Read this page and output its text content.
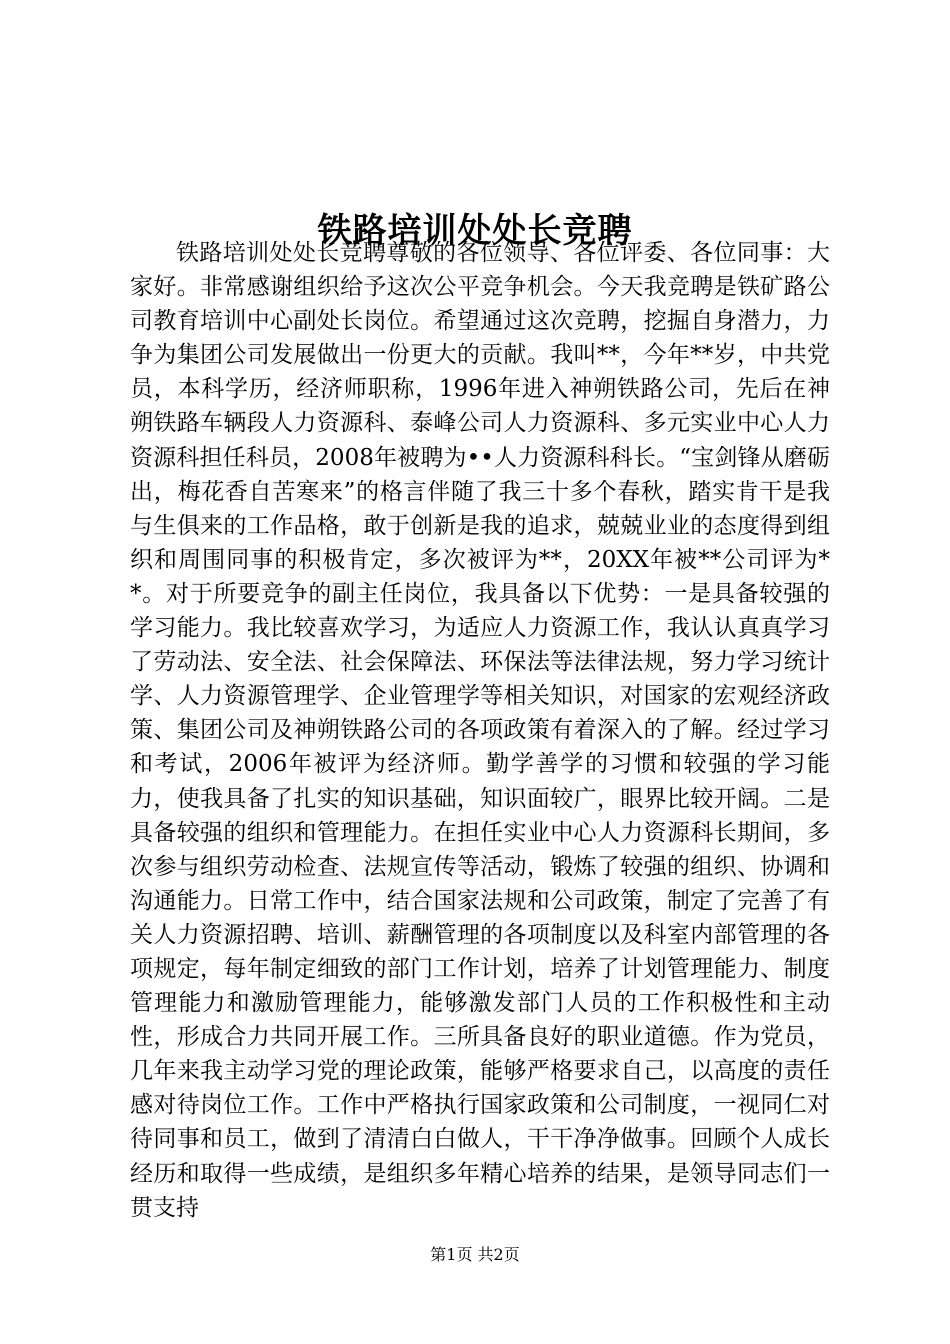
铁路培训处处长竞聘

铁路培训处处长竞聘尊敬的各位领导、各位评委、各位同事：大家好。非常感谢组织给予这次公平竞争机会。今天我竞聘是铁矿路公司教育培训中心副处长岗位。希望通过这次竞聘，挖掘自身潜力，力争为集团公司发展做出一份更大的贡献。我叫**，今年**岁，中共党员，本科学历，经济师职称，1996年进入神朔铁路公司，先后在神朔铁路车辆段人力资源科、泰峰公司人力资源科、多元实业中心人力资源科担任科员，2008年被聘为••人力资源科科长。“宝剑锋从磨砺出，梅花香自苦寒来”的格言伴随了我三十多个春秋，踏实肯干是我与生俱来的工作品格，敢于创新是我的追求，兢兢业业的态度得到组织和周围同事的积极肯定，多次被评为**，20XX年被**公司评为**。对于所要竞争的副主任岗位，我具备以下优势：一是具备较强的学习能力。我比较喜欢学习，为适应人力资源工作，我认认真真学习了劳动法、安全法、社会保障法、环保法等法律法规，努力学习统计学、人力资源管理学、企业管理学等相关知识，对国家的宏观经济政策、集团公司及神朔铁路公司的各项政策有着深入的了解。经过学习和考试，2006年被评为经济师。勤学善学的习惯和较强的学习能力，使我具备了扎实的知识基础，知识面较广，眼界比较开阔。二是具备较强的组织和管理能力。在担任实业中心人力资源科长期间，多次参与组织劳动检查、法规宣传等活动，锻炼了较强的组织、协调和沟通能力。日常工作中，结合国家法规和公司政策，制定了完善了有关人力资源招聘、培训、薪酬管理的各项制度以及科室内部管理的各项规定，每年制定细致的部门工作计划，培养了计划管理能力、制度管理能力和激励管理能力，能够激发部门人员的工作积极性和主动性，形成合力共同开展工作。三所具备良好的职业道德。作为党员，几年来我主动学习党的理论政策，能够严格要求自己，以高度的责任感对待岗位工作。工作中严格执行国家政策和公司制度，一视同仁对待同事和员工，做到了清清白白做人，干干净净做事。回顾个人成长经历和取得一些成绩，是组织多年精心培养的结果，是领导同志们一贯支持

第1页 共2页
